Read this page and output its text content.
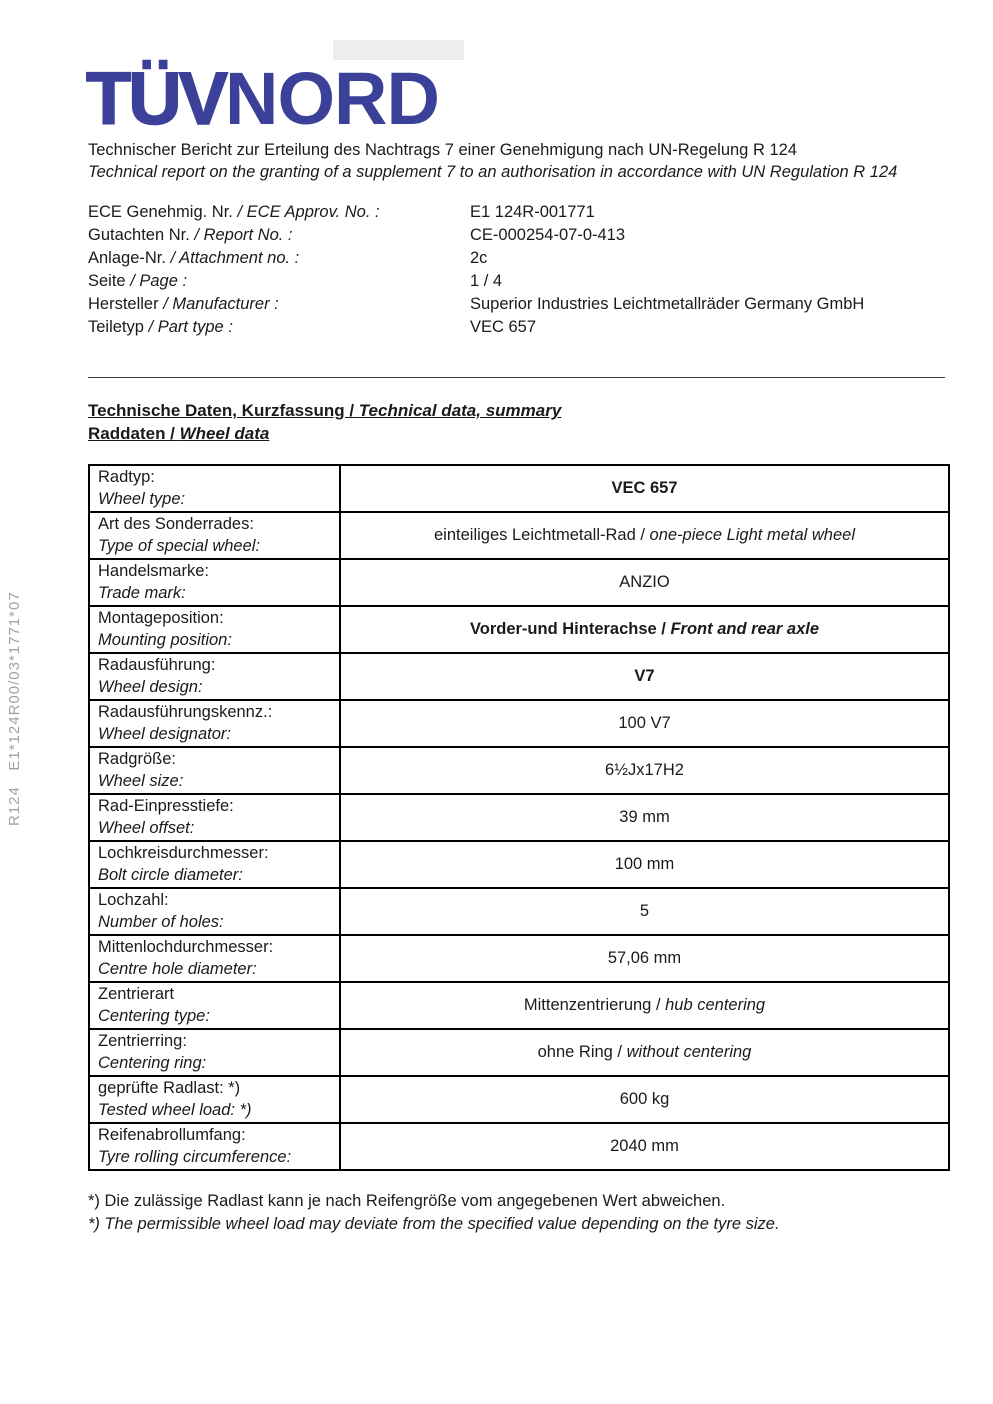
R124   E1*124R00/03*1771*07
TÜVNORD
Technischer Bericht zur Erteilung des Nachtrags 7 einer Genehmigung nach UN-Regelung R 124
Technical report on the granting of a supplement 7 to an authorisation in accordance with UN Regulation R 124
ECE Genehmig. Nr. / ECE Approv. No. :	E1 124R-001771
Gutachten Nr. / Report No. :	CE-000254-07-0-413
Anlage-Nr. / Attachment no. :	2c
Seite / Page :	1 / 4
Hersteller / Manufacturer :	Superior Industries Leichtmetallräder Germany GmbH
Teiletyp / Part type :	VEC 657
Technische Daten, Kurzfassung / Technical data, summary
Raddaten / Wheel data
Radtyp:
Wheel type:	VEC 657

Art des Sonderrades:
Type of special wheel:	einteiliges Leichtmetall-Rad / one-piece Light metal wheel

Handelsmarke:
Trade mark:	ANZIO

Montageposition:
Mounting position:	Vorder-und Hinterachse / Front and rear axle

Radausführung:
Wheel design:	V7

Radausführungskennz.:
Wheel designator:	100 V7

Radgröße:
Wheel size:	6½Jx17H2

Rad-Einpresstiefe:
Wheel offset:	39 mm

Lochkreisdurchmesser:
Bolt circle diameter:	100 mm

Lochzahl:
Number of holes:	5

Mittenlochdurchmesser:
Centre hole diameter:	57,06 mm

Zentrierart
Centering type:	Mittenzentrierung / hub centering

Zentrierring:
Centering ring:	ohne Ring / without centering

geprüfte Radlast: *)
Tested wheel load: *)	600 kg

Reifenabrollumfang:
Tyre rolling circumference:	2040 mm
*) Die zulässige Radlast kann je nach Reifengröße vom angegebenen Wert abweichen.
*) The permissible wheel load may deviate from the specified value depending on the tyre size.
